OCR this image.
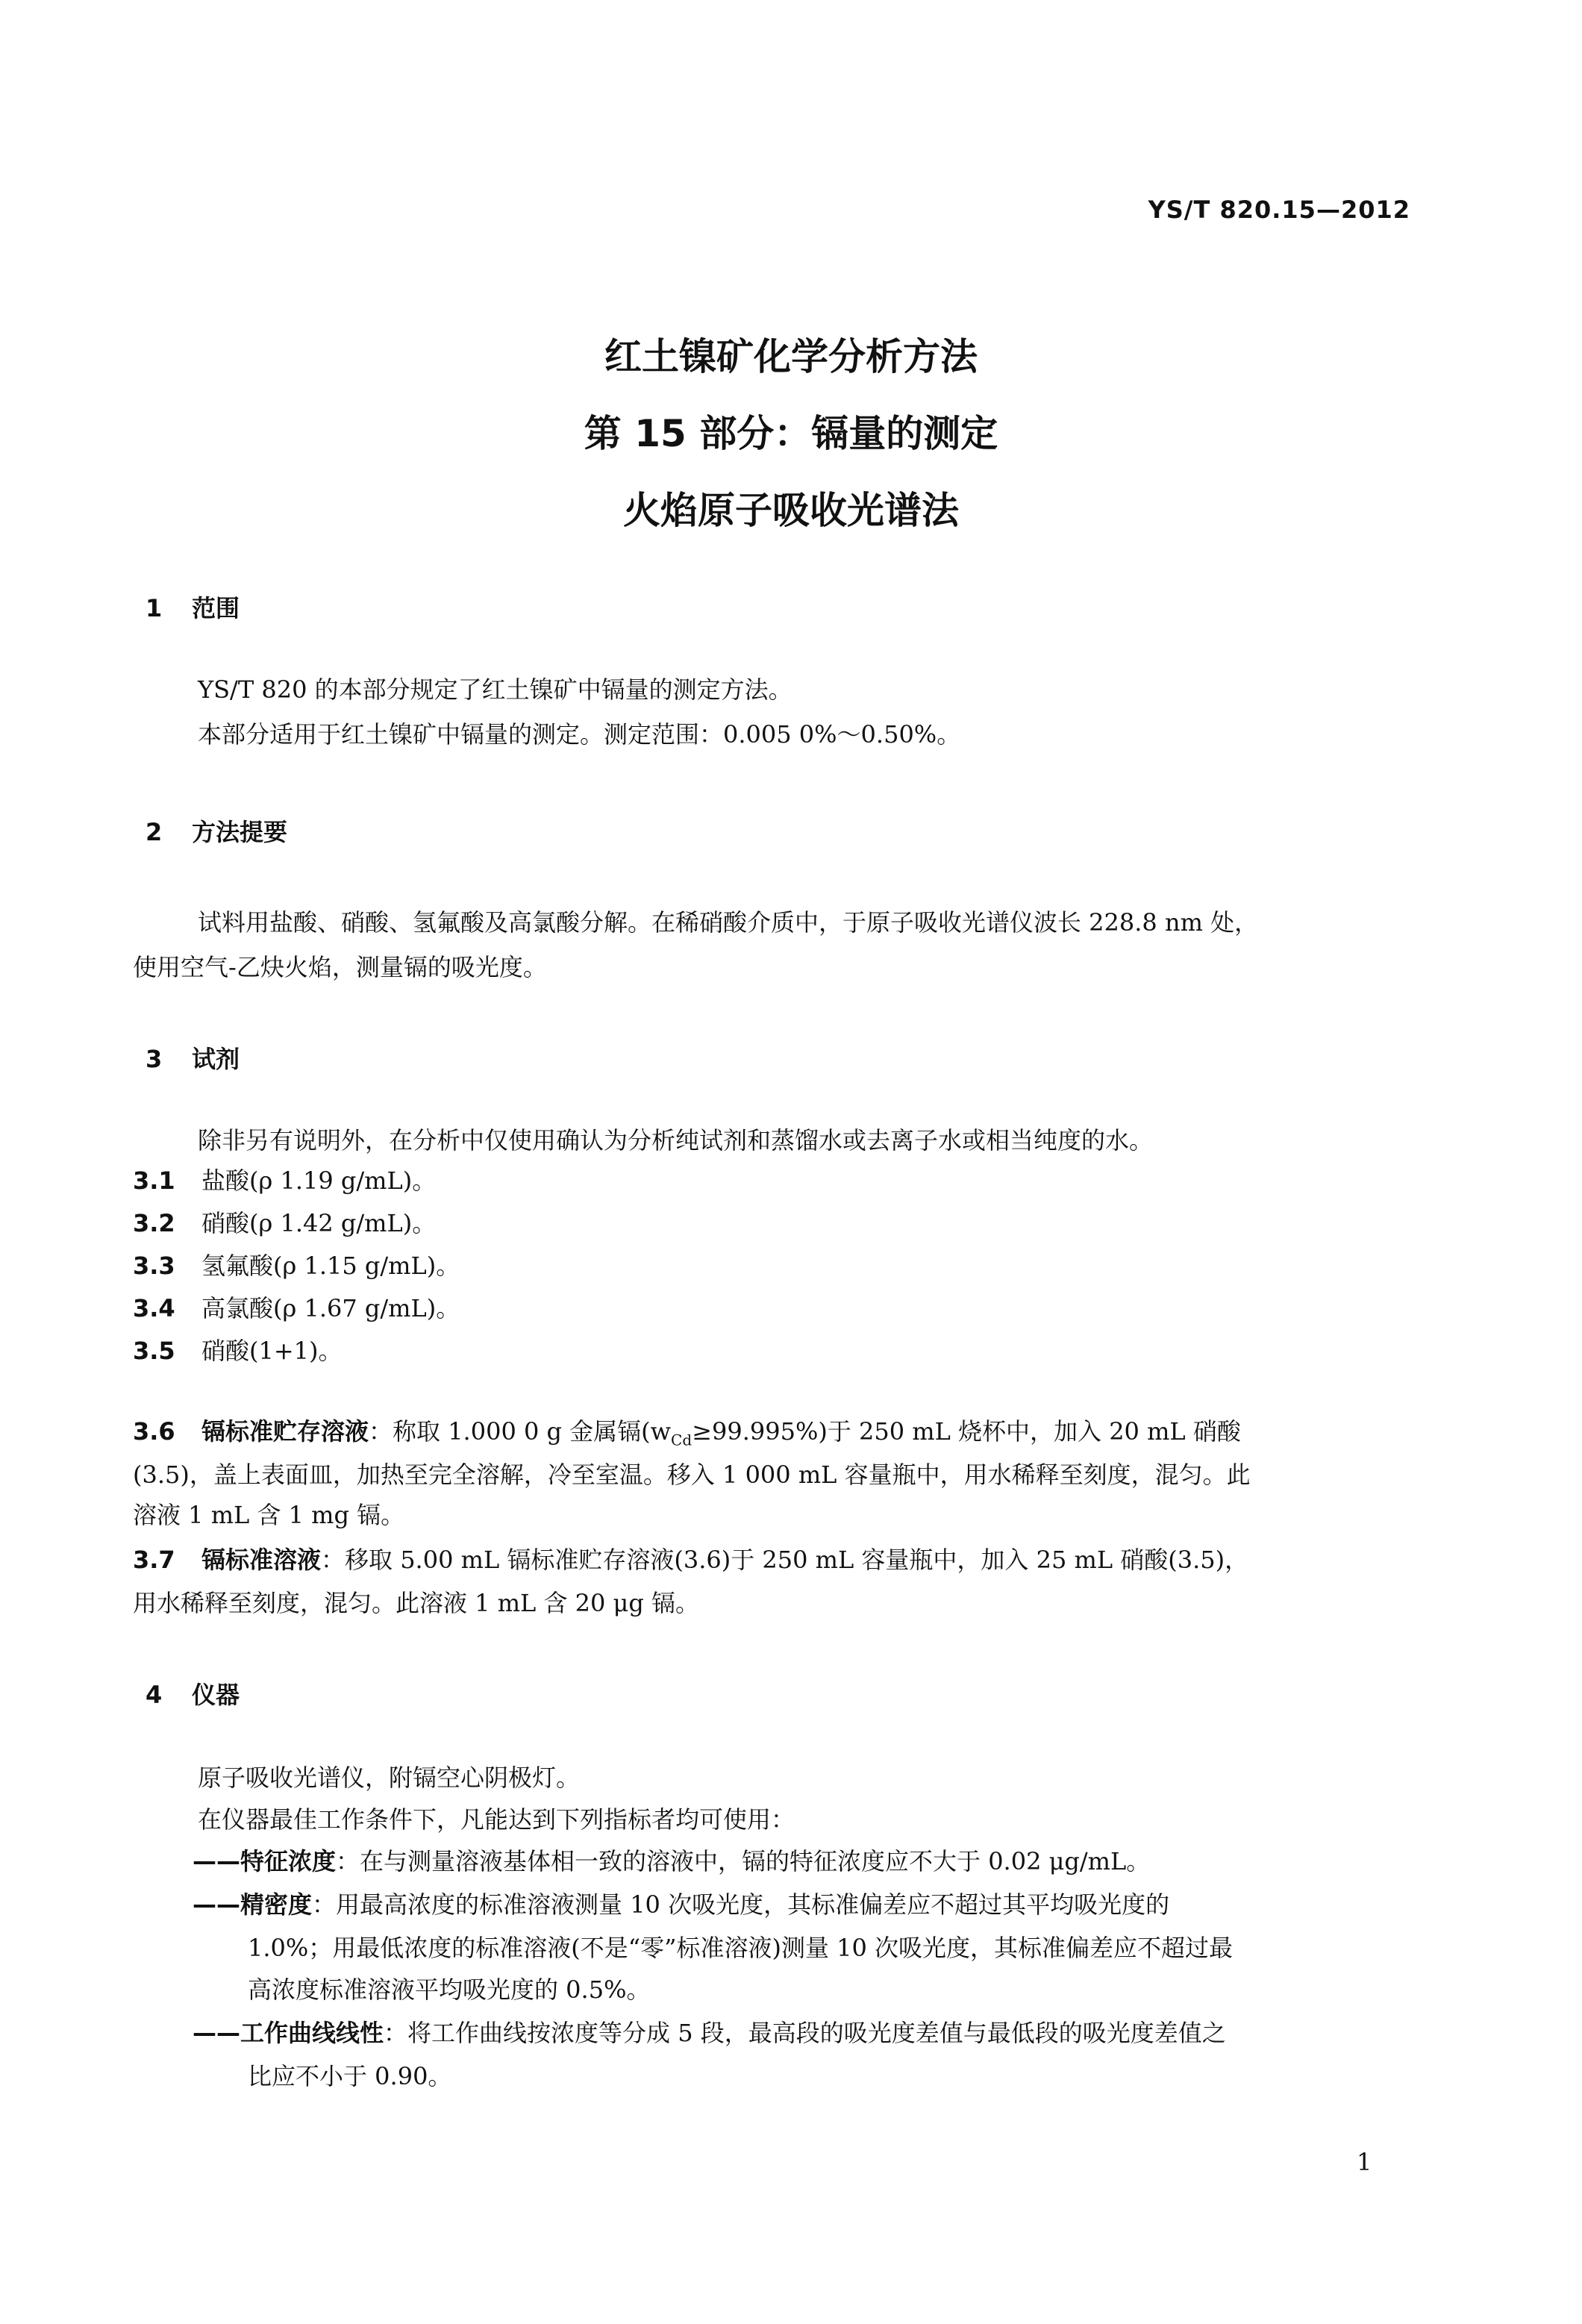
YS/T 820.15—2012
红土镍矿化学分析方法
第 15 部分：镉量的测定
火焰原子吸收光谱法
1 范围
YS/T 820 的本部分规定了红土镍矿中镉量的测定方法。
本部分适用于红土镍矿中镉量的测定。测定范围：0.005 0%～0.50%。
2 方法提要
试料用盐酸、硝酸、氢氟酸及高氯酸分解。在稀硝酸介质中，于原子吸收光谱仪波长 228.8 nm 处，
使用空气-乙炔火焰，测量镉的吸光度。
3 试剂
除非另有说明外，在分析中仅使用确认为分析纯试剂和蒸馏水或去离子水或相当纯度的水。
3.1 盐酸(ρ 1.19 g/mL)。
3.2 硝酸(ρ 1.42 g/mL)。
3.3 氢氟酸(ρ 1.15 g/mL)。
3.4 高氯酸(ρ 1.67 g/mL)。
3.5 硝酸(1+1)。
3.6 镉标准贮存溶液：称取 1.000 0 g 金属镉$(w_{Cd}\ge 99.995\%)$于 250 mL 烧杯中，加入 20 mL 硝酸
(3.5)，盖上表面皿，加热至完全溶解，冷至室温。移入 1 000 mL 容量瓶中，用水稀释至刻度，混匀。此
溶液 1 mL 含 1 mg 镉。
3.7 镉标准溶液：移取 5.00 mL 镉标准贮存溶液(3.6)于 250 mL 容量瓶中，加入 25 mL 硝酸(3.5)，
用水稀释至刻度，混匀。此溶液 1 mL 含 20 μg 镉。
4 仪器
原子吸收光谱仪，附镉空心阴极灯。
在仪器最佳工作条件下，凡能达到下列指标者均可使用：
——特征浓度：在与测量溶液基体相一致的溶液中，镉的特征浓度应不大于 0.02 μg/mL。
——精密度：用最高浓度的标准溶液测量 10 次吸光度，其标准偏差应不超过其平均吸光度的
1.0%；用最低浓度的标准溶液(不是“零”标准溶液)测量 10 次吸光度，其标准偏差应不超过最
高浓度标准溶液平均吸光度的 0.5%。
——工作曲线线性：将工作曲线按浓度等分成 5 段，最高段的吸光度差值与最低段的吸光度差值之
比应不小于 0.90。
1
